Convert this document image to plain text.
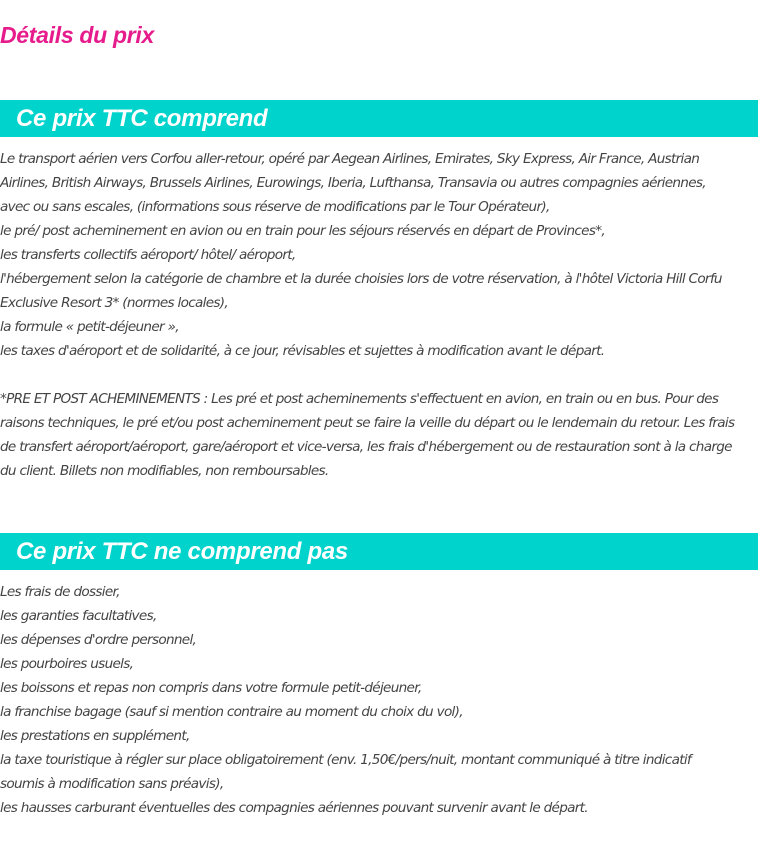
Détails du prix
Ce prix TTC comprend

Le transport aérien vers Corfou aller-retour, opéré par Aegean Airlines, Emirates, Sky Express, Air France, Austrian

Airlines, British Airways, Brussels Airlines, Eurowings, Iberia, Lufthansa, Transavia ou autres compagnies aériennes,

avec ou sans escales, (informations sous réserve de modifications par le Tour Opérateur),

le pré/ post acheminement en avion ou en train pour les séjours réservés en départ de Provinces*,

les transferts collectifs aéroport/ hôtel/ aéroport,

l'hébergement selon la catégorie de chambre et la durée choisies lors de votre réservation, à l'hôtel Victoria Hill Corfu

Exclusive Resort 3* (normes locales),

la formule « petit-déjeuner »,

les taxes d'aéroport et de solidarité, à ce jour, révisables et sujettes à modification avant le départ.

*PRE ET POST ACHEMINEMENTS : Les pré et post acheminements s'effectuent en avion, en train ou en bus. Pour des

raisons techniques, le pré et/ou post acheminement peut se faire la veille du départ ou le lendemain du retour. Les frais

de transfert aéroport/aéroport, gare/aéroport et vice-versa, les frais d'hébergement ou de restauration sont à la charge

du client. Billets non modifiables, non remboursables.

Ce prix TTC ne comprend pas

Les frais de dossier,

les garanties facultatives,

les dépenses d'ordre personnel,

les pourboires usuels,

les boissons et repas non compris dans votre formule petit-déjeuner,

la franchise bagage (sauf si mention contraire au moment du choix du vol),

les prestations en supplément,

la taxe touristique à régler sur place obligatoirement (env. 1,50€/pers/nuit, montant communiqué à titre indicatif

soumis à modification sans préavis),

les hausses carburant éventuelles des compagnies aériennes pouvant survenir avant le départ.
